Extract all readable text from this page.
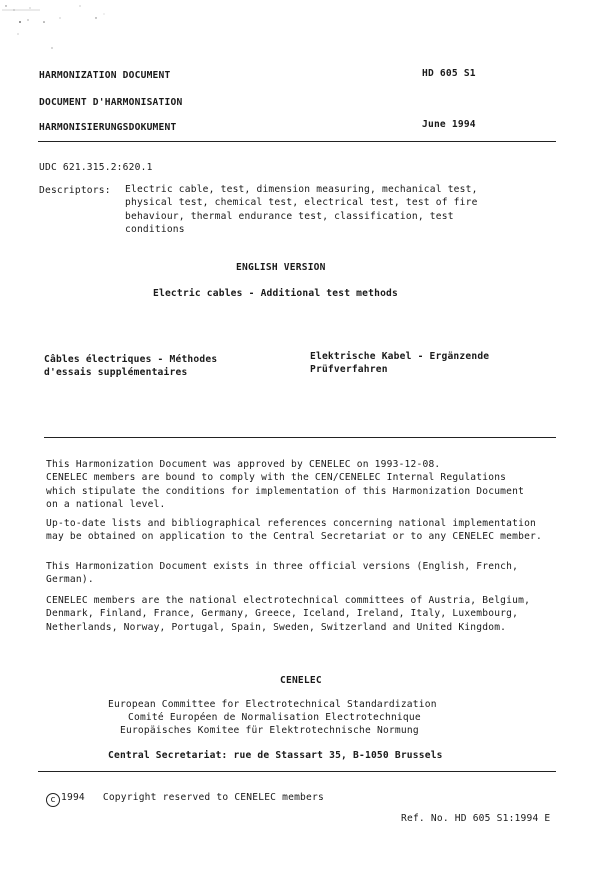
HARMONIZATION DOCUMENT
DOCUMENT D'HARMONISATION
HARMONISIERUNGSDOKUMENT
HD 605 S1
June 1994
UDC 621.315.2:620.1
Descriptors: Electric cable, test, dimension measuring, mechanical test,
physical test, chemical test, electrical test, test of fire
behaviour, thermal endurance test, classification, test
conditions
ENGLISH VERSION
Electric cables - Additional test methods
Câbles électriques - Méthodes
d'essais supplémentaires
Elektrische Kabel - Ergänzende
Prüfverfahren
This Harmonization Document was approved by CENELEC on 1993-12-08.
CENELEC members are bound to comply with the CEN/CENELEC Internal Regulations
which stipulate the conditions for implementation of this Harmonization Document
on a national level.
Up-to-date lists and bibliographical references concerning national implementation
may be obtained on application to the Central Secretariat or to any CENELEC member.
This Harmonization Document exists in three official versions (English, French,
German).
CENELEC members are the national electrotechnical committees of Austria, Belgium,
Denmark, Finland, France, Germany, Greece, Iceland, Ireland, Italy, Luxembourg,
Netherlands, Norway, Portugal, Spain, Sweden, Switzerland and United Kingdom.
CENELEC
European Committee for Electrotechnical Standardization
Comité Européen de Normalisation Electrotechnique
Europäisches Komitee für Elektrotechnische Normung
Central Secretariat: rue de Stassart 35, B-1050 Brussels
c 1994 Copyright reserved to CENELEC members
Ref. No. HD 605 S1:1994 E
